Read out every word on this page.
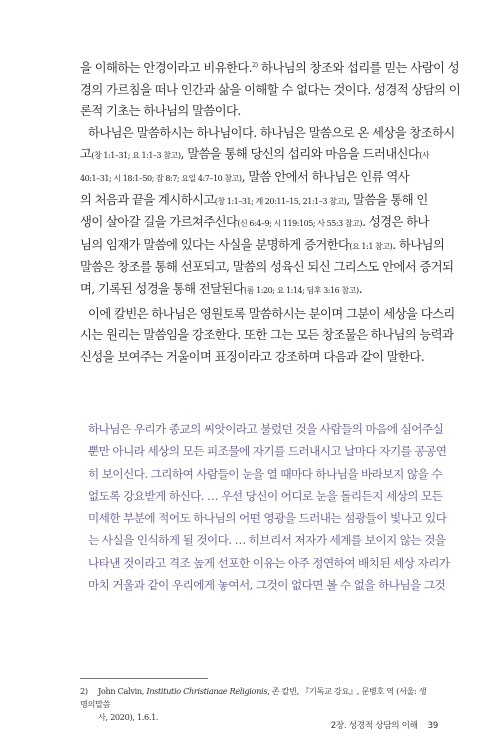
을 이해하는 안경이라고 비유한다.$^{2)}$ 하나님의 창조와 섭리를 믿는 사람이 성
경의 가르침을 떠나 인간과 삶을 이해할 수 없다는 것이다. 성경적 상담의 이
론적 기초는 하나님의 말씀이다.
하나님은 말씀하시는 하나님이다. 하나님은 말씀으로 온 세상을 창조하시
고(창 1:1–31; 요 1:1–3 참고), 말씀을 통해 당신의 섭리와 마음을 드러내신다(사
40:1–31; 시 18:1–50; 잠 8:7; 요일 4:7–10 참고), 말씀 안에서 하나님은 인류 역사
의 처음과 끝을 계시하시고(창 1:1–31; 계 20:11–15, 21:1–3 참고), 말씀을 통해 인
생이 살아갈 길을 가르쳐주신다(신 6:4–9; 시 119:105; 사 55:3 참고). 성경은 하나
님의 임재가 말씀에 있다는 사실을 분명하게 증거한다(요 1:1 참고). 하나님의
말씀은 창조를 통해 선포되고, 말씀의 성육신 되신 그리스도 안에서 증거되
며, 기록된 성경을 통해 전달된다(롬 1:20; 요 1:14; 딤후 3:16 참고).
이에 칼빈은 하나님은 영원토록 말씀하시는 분이며 그분이 세상을 다스리
시는 원리는 말씀임을 강조한다. 또한 그는 모든 창조물은 하나님의 능력과
신성을 보여주는 거울이며 표징이라고 강조하며 다음과 같이 말한다.
하나님은 우리가 종교의 씨앗이라고 불렀던 것을 사람들의 마음에 심어주실
뿐만 아니라 세상의 모든 피조물에 자기를 드러내시고 날마다 자기를 공공연
히 보이신다. 그리하여 사람들이 눈을 열 때마다 하나님을 바라보지 않을 수
없도록 강요받게 하신다. … 우선 당신이 어디로 눈을 돌리든지 세상의 모든
미세한 부분에 적어도 하나님의 어떤 영광을 드러내는 섬광들이 빛나고 있다
는 사실을 인식하게 될 것이다. … 히브리서 저자가 세계를 보이지 않는 것을
나타낸 것이라고 격조 높게 선포한 이유는 아주 정연하여 배치된 세상 자리가
마치 거울과 같이 우리에게 놓여서, 그것이 없다면 볼 수 없을 하나님을 그것
2) John Calvin, Institutio Christianae Religionis, 존 칼빈, 『기독교 강요』, 문병호 역 (서울: 생명의말씀
사, 2020), 1.6.1.
2장. 성경적 상담의 이해 39
